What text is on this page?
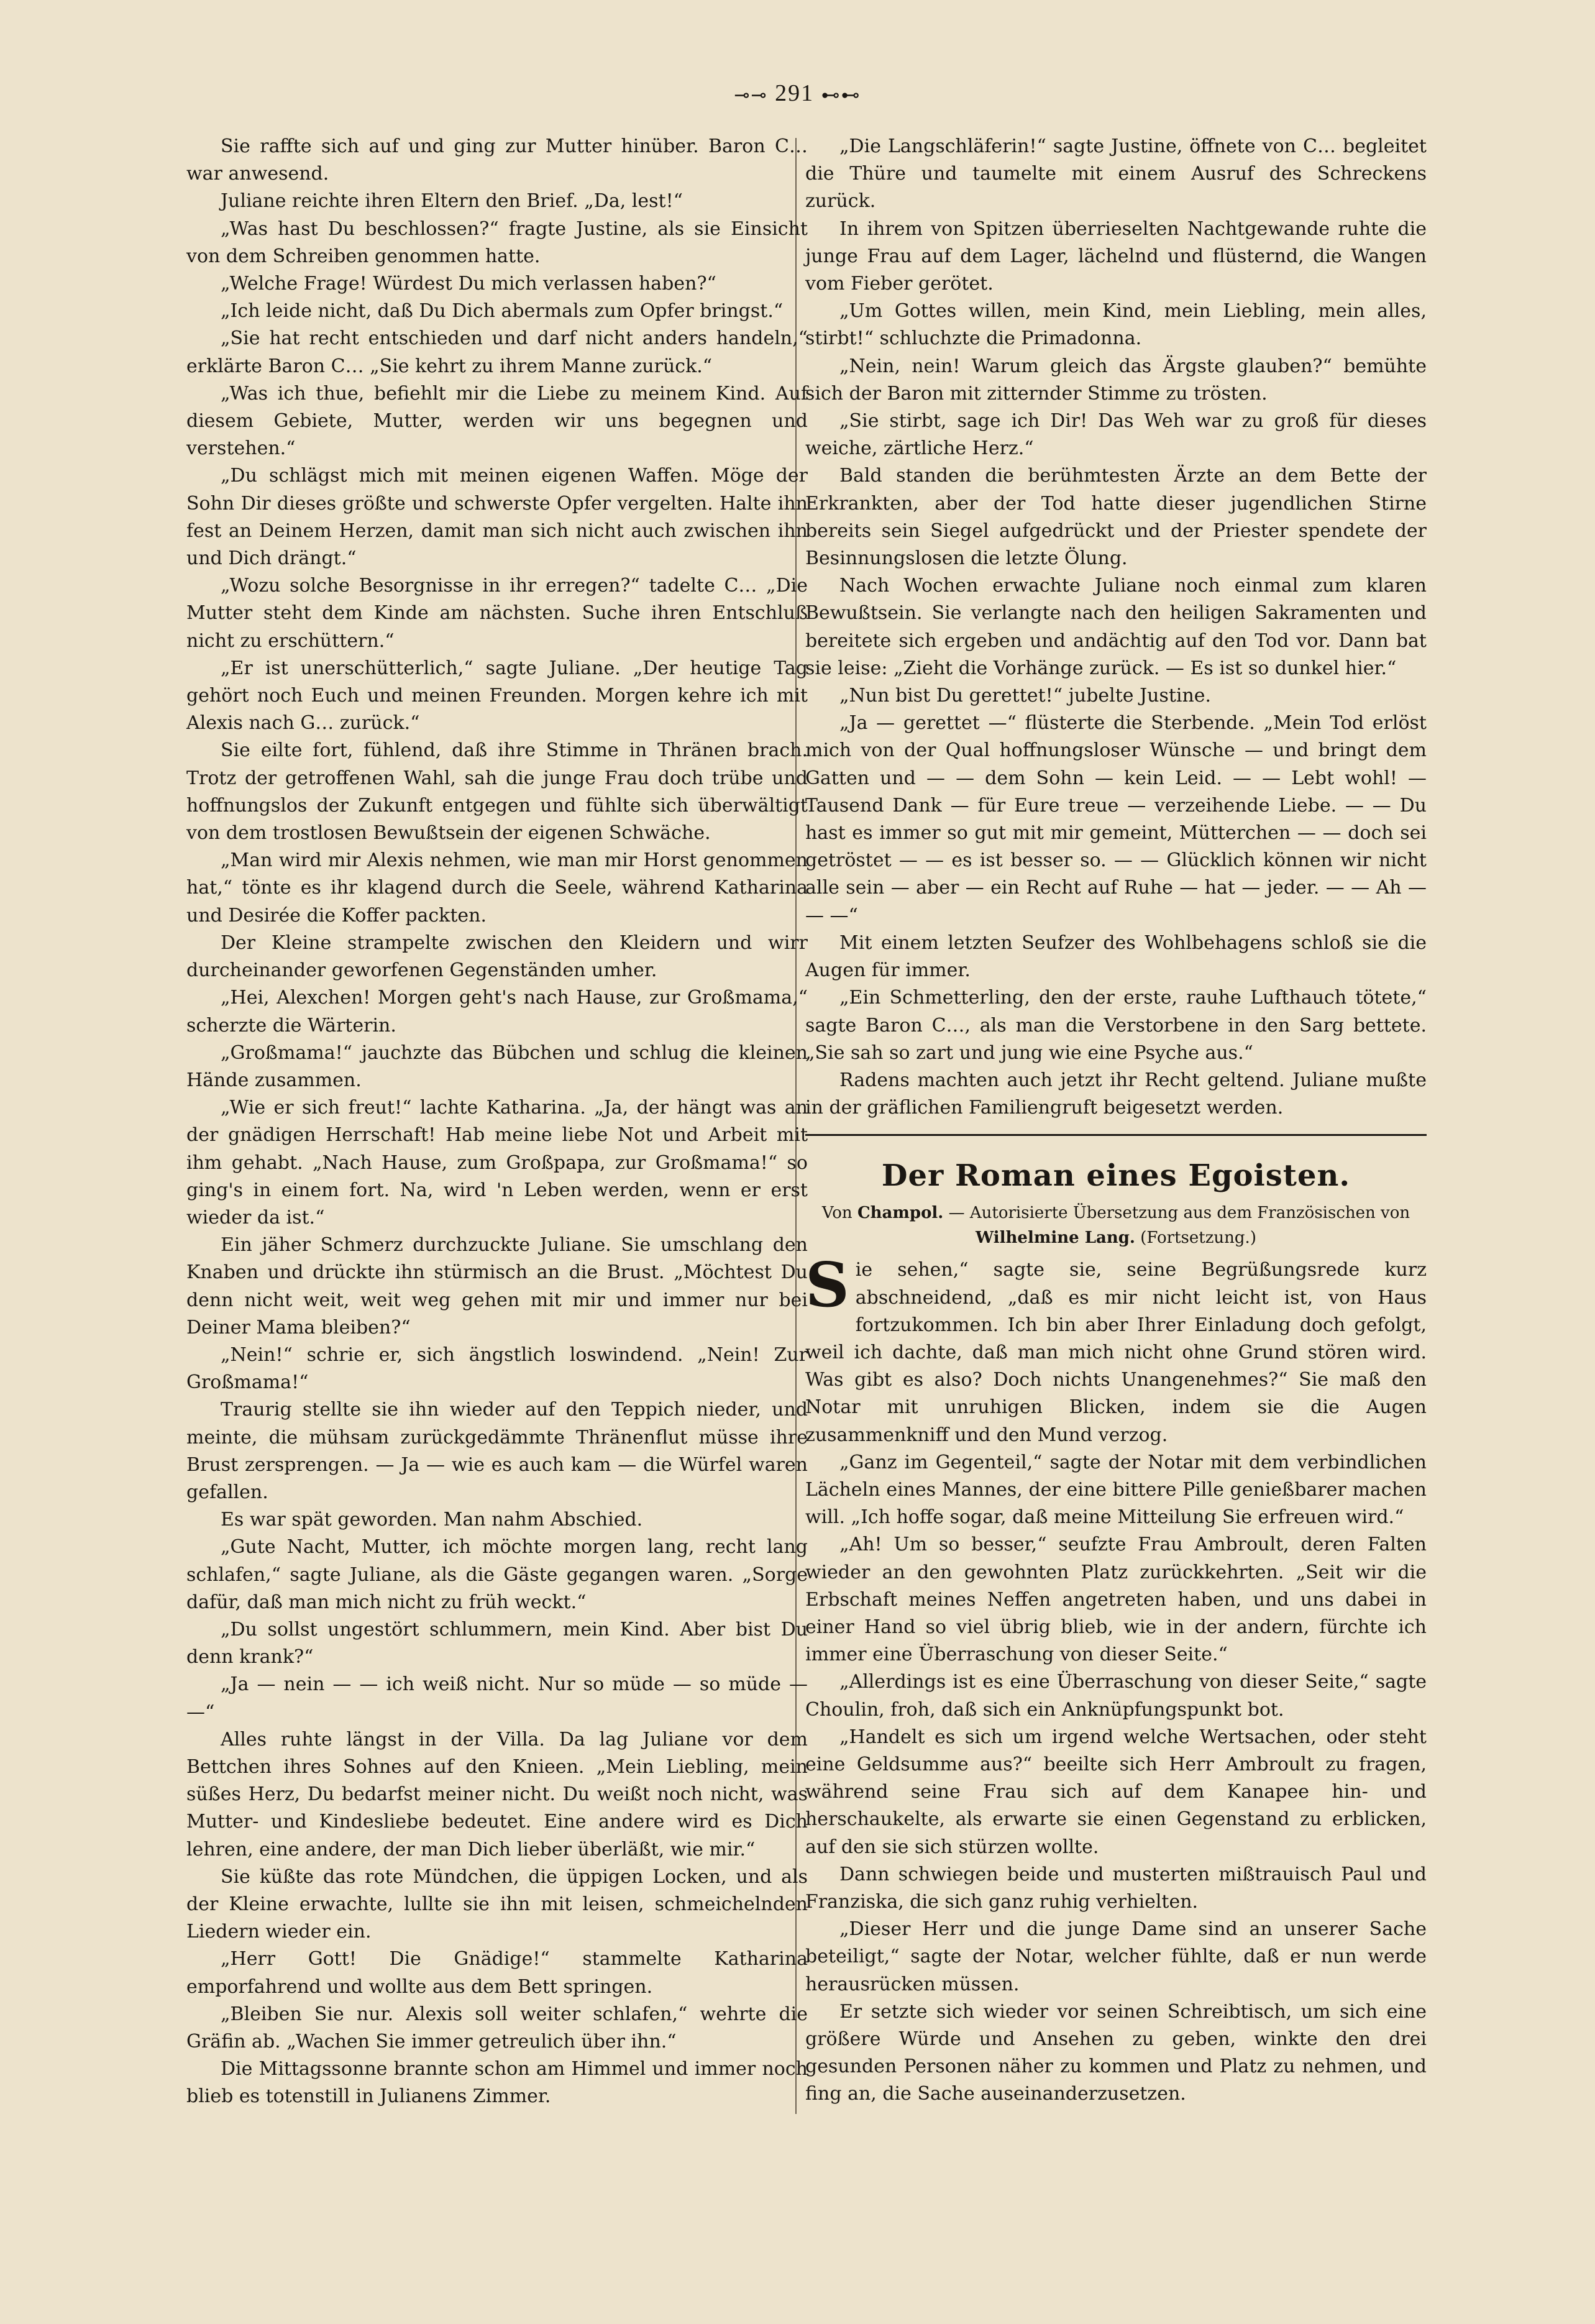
⊸⊸ 291 ⊷⊷

Sie raffte sich auf und ging zur Mutter hinüber. Baron C… war anwesend.

Juliane reichte ihren Eltern den Brief. „Da, lest!“

„Was hast Du beschlossen?“ fragte Justine, als sie Einsicht von dem Schreiben genommen hatte.

„Welche Frage! Würdest Du mich verlassen haben?“

„Ich leide nicht, daß Du Dich abermals zum Opfer bringst.“

„Sie hat recht entschieden und darf nicht anders handeln,“ erklärte Baron C… „Sie kehrt zu ihrem Manne zurück.“

„Was ich thue, befiehlt mir die Liebe zu meinem Kind. Auf diesem Gebiete, Mutter, werden wir uns begegnen und verstehen.“

„Du schlägst mich mit meinen eigenen Waffen. Möge der Sohn Dir dieses größte und schwerste Opfer vergelten. Halte ihn fest an Deinem Herzen, damit man sich nicht auch zwischen ihn und Dich drängt.“

„Wozu solche Besorgnisse in ihr erregen?“ tadelte C… „Die Mutter steht dem Kinde am nächsten. Suche ihren Entschluß nicht zu erschüttern.“

„Er ist unerschütterlich,“ sagte Juliane. „Der heutige Tag gehört noch Euch und meinen Freunden. Morgen kehre ich mit Alexis nach G… zurück.“

Sie eilte fort, fühlend, daß ihre Stimme in Thränen brach. Trotz der getroffenen Wahl, sah die junge Frau doch trübe und hoffnungslos der Zukunft entgegen und fühlte sich überwältigt von dem trostlosen Bewußtsein der eigenen Schwäche.

„Man wird mir Alexis nehmen, wie man mir Horst genommen hat,“ tönte es ihr klagend durch die Seele, während Katharina und Desirée die Koffer packten.

Der Kleine strampelte zwischen den Kleidern und wirr durcheinander geworfenen Gegenständen umher.

„Hei, Alexchen! Morgen geht's nach Hause, zur Großmama,“ scherzte die Wärterin.

„Großmama!“ jauchzte das Bübchen und schlug die kleinen Hände zusammen.

„Wie er sich freut!“ lachte Katharina. „Ja, der hängt was an der gnädigen Herrschaft! Hab meine liebe Not und Arbeit mit ihm gehabt. „Nach Hause, zum Großpapa, zur Großmama!“ so ging's in einem fort. Na, wird 'n Leben werden, wenn er erst wieder da ist.“

Ein jäher Schmerz durchzuckte Juliane. Sie umschlang den Knaben und drückte ihn stürmisch an die Brust. „Möchtest Du denn nicht weit, weit weg gehen mit mir und immer nur bei Deiner Mama bleiben?“

„Nein!“ schrie er, sich ängstlich loswindend. „Nein! Zur Großmama!“

Traurig stellte sie ihn wieder auf den Teppich nieder, und meinte, die mühsam zurückgedämmte Thränenflut müsse ihre Brust zersprengen. — Ja — wie es auch kam — die Würfel waren gefallen.

Es war spät geworden. Man nahm Abschied.

„Gute Nacht, Mutter, ich möchte morgen lang, recht lang schlafen,“ sagte Juliane, als die Gäste gegangen waren. „Sorge dafür, daß man mich nicht zu früh weckt.“

„Du sollst ungestört schlummern, mein Kind. Aber bist Du denn krank?“

„Ja — nein — — ich weiß nicht. Nur so müde — so müde — —“

Alles ruhte längst in der Villa. Da lag Juliane vor dem Bettchen ihres Sohnes auf den Knieen. „Mein Liebling, mein süßes Herz, Du bedarfst meiner nicht. Du weißt noch nicht, was Mutter- und Kindesliebe bedeutet. Eine andere wird es Dich lehren, eine andere, der man Dich lieber überläßt, wie mir.“

Sie küßte das rote Mündchen, die üppigen Locken, und als der Kleine erwachte, lullte sie ihn mit leisen, schmeichelnden Liedern wieder ein.

„Herr Gott! Die Gnädige!“ stammelte Katharina emporfahrend und wollte aus dem Bett springen.

„Bleiben Sie nur. Alexis soll weiter schlafen,“ wehrte die Gräfin ab. „Wachen Sie immer getreulich über ihn.“

Die Mittagssonne brannte schon am Himmel und immer noch blieb es totenstill in Julianens Zimmer.

„Die Langschläferin!“ sagte Justine, öffnete von C… begleitet die Thüre und taumelte mit einem Ausruf des Schreckens zurück.

In ihrem von Spitzen überrieselten Nachtgewande ruhte die junge Frau auf dem Lager, lächelnd und flüsternd, die Wangen vom Fieber gerötet.

„Um Gottes willen, mein Kind, mein Liebling, mein alles, stirbt!“ schluchzte die Primadonna.

„Nein, nein! Warum gleich das Ärgste glauben?“ bemühte sich der Baron mit zitternder Stimme zu trösten.

„Sie stirbt, sage ich Dir! Das Weh war zu groß für dieses weiche, zärtliche Herz.“

Bald standen die berühmtesten Ärzte an dem Bette der Erkrankten, aber der Tod hatte dieser jugendlichen Stirne bereits sein Siegel aufgedrückt und der Priester spendete der Besinnungslosen die letzte Ölung.

Nach Wochen erwachte Juliane noch einmal zum klaren Bewußtsein. Sie verlangte nach den heiligen Sakramenten und bereitete sich ergeben und andächtig auf den Tod vor. Dann bat sie leise: „Zieht die Vorhänge zurück. — Es ist so dunkel hier.“

„Nun bist Du gerettet!“ jubelte Justine.

„Ja — gerettet —“ flüsterte die Sterbende. „Mein Tod erlöst mich von der Qual hoffnungsloser Wünsche — und bringt dem Gatten und — — dem Sohn — kein Leid. — — Lebt wohl! — Tausend Dank — für Eure treue — verzeihende Liebe. — — Du hast es immer so gut mit mir gemeint, Mütterchen — — doch sei getröstet — — es ist besser so. — — Glücklich können wir nicht alle sein — aber — ein Recht auf Ruhe — hat — jeder. — — Ah — — —“

Mit einem letzten Seufzer des Wohlbehagens schloß sie die Augen für immer.

„Ein Schmetterling, den der erste, rauhe Lufthauch tötete,“ sagte Baron C…, als man die Verstorbene in den Sarg bettete. „Sie sah so zart und jung wie eine Psyche aus.“

Radens machten auch jetzt ihr Recht geltend. Juliane mußte in der gräflichen Familiengruft beigesetzt werden.

Der Roman eines Egoisten.
Von Champol. — Autorisierte Übersetzung aus dem Französischen von Wilhelmine Lang. (Fortsetzung.)

Sie sehen,“ sagte sie, seine Begrüßungsrede kurz abschneidend, „daß es mir nicht leicht ist, von Haus fortzukommen. Ich bin aber Ihrer Einladung doch gefolgt, weil ich dachte, daß man mich nicht ohne Grund stören wird. Was gibt es also? Doch nichts Unangenehmes?“ Sie maß den Notar mit unruhigen Blicken, indem sie die Augen zusammenkniff und den Mund verzog.

„Ganz im Gegenteil,“ sagte der Notar mit dem verbindlichen Lächeln eines Mannes, der eine bittere Pille genießbarer machen will. „Ich hoffe sogar, daß meine Mitteilung Sie erfreuen wird.“

„Ah! Um so besser,“ seufzte Frau Ambroult, deren Falten wieder an den gewohnten Platz zurückkehrten. „Seit wir die Erbschaft meines Neffen angetreten haben, und uns dabei in einer Hand so viel übrig blieb, wie in der andern, fürchte ich immer eine Überraschung von dieser Seite.“

„Allerdings ist es eine Überraschung von dieser Seite,“ sagte Choulin, froh, daß sich ein Anknüpfungspunkt bot.

„Handelt es sich um irgend welche Wertsachen, oder steht eine Geldsumme aus?“ beeilte sich Herr Ambroult zu fragen, während seine Frau sich auf dem Kanapee hin- und herschaukelte, als erwarte sie einen Gegenstand zu erblicken, auf den sie sich stürzen wollte.

Dann schwiegen beide und musterten mißtrauisch Paul und Franziska, die sich ganz ruhig verhielten.

„Dieser Herr und die junge Dame sind an unserer Sache beteiligt,“ sagte der Notar, welcher fühlte, daß er nun werde herausrücken müssen.

Er setzte sich wieder vor seinen Schreibtisch, um sich eine größere Würde und Ansehen zu geben, winkte den drei gesunden Personen näher zu kommen und Platz zu nehmen, und fing an, die Sache auseinanderzusetzen.
